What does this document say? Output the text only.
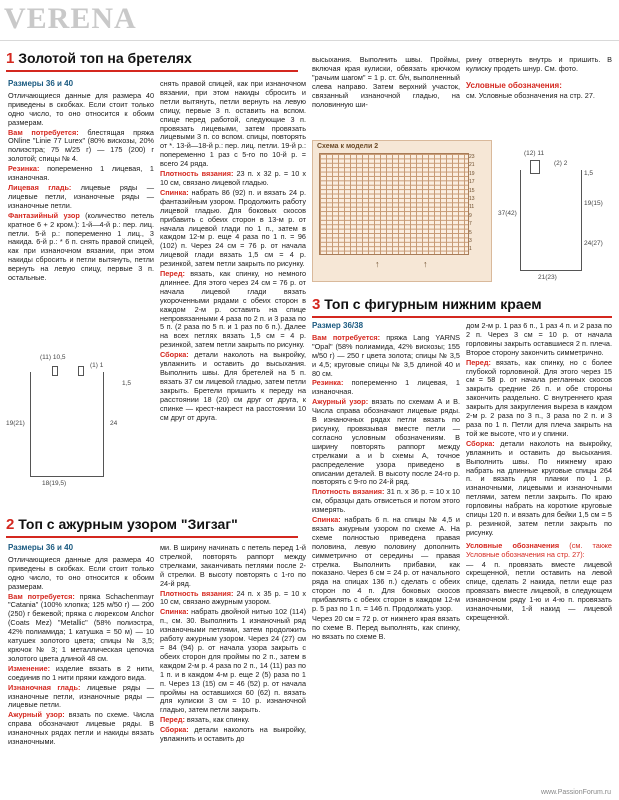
VERENA
1 Золотой топ на бретелях

Размеры 36 и 40

Отличающиеся данные для размера 40 приведены в скобках. Если стоит только одно число, то оно относится к обоим размерам.

Вам потребуется: блестящая пряжа ONline "Linie 77 Lurex" (80% вискозы, 20% полиэстра; 75 м/25 г) — 175 (200) г золотой; спицы № 4.

Резинка: попеременно 1 лицевая, 1 изнаночная.

Лицевая гладь: лицевые ряды — лицевые петли, изнаночные ряды — изнаночные петли.

Фантазийный узор (количество петель кратное 6 + 2 кром.): 1-й—4-й р.: пер. лиц. петли. 5-й р.: попеременно 1 лиц., 3 накида. 6-й р.: * 6 п. снять правой спицей, как при изнаночном вязании, при этом накиды сбросить и петли вытянуть, петли вернуть на левую спицу, первые 3 п. остальные.

(11) 10,5
(1) 1
1,5
24
19(21)
18(19,5)

снять правой спицей, как при изнаночном вязании, при этом накиды сбросить и петли вытянуть, петли вернуть на левую спицу, первые 3 п. оставить на вспом. спице перед работой, следующие 3 п. провязать лицевыми, затем провязать лицевыми 3 п. со вспом. спицы, повторять от *. 13-й—18-й р.: пер. лиц. петли. 19-й р.: попеременно 1 раз с 5-го по 10-й р. = всего 24 ряда.

Плотность вязания: 23 п. х 32 р. = 10 х 10 см, связано лицевой гладью.

Спинка: набрать 86 (92) п. и вязать 24 р. фантазийным узором. Продолжить работу лицевой гладью. Для боковых скосов прибавить с обеих сторон в 13-м р. от начала лицевой глади по 1 п., затем в каждом 12-м р. еще 4 раза по 1 п. = 96 (102) п. Через 24 см = 76 р. от начала лицевой глади вязать 1,5 см = 4 р. резинкой, затем петли закрыть по рисунку.

Перед: вязать, как спинку, но немного длиннее. Для этого через 24 см = 76 р. от начала лицевой глади вязать укороченными рядами с обеих сторон в каждом 2-м р. оставить на спице непровязанными 4 раза по 2 п. и 3 раза по 5 п. (2 раза по 5 п. и 1 раз по 6 п.). Далее на всех петлях вязать 1,5 см = 4 р. резинкой, затем петли закрыть по рисунку.

Сборка: детали наколоть на выкройку, увлажнить и оставить до высыхания. Выполнить швы. Для бретелей на 5 п. вязать 37 см лицевой гладью, затем петли закрыть. Бретели пришить к переду на расстоянии 18 (20) см друг от друга, к спинке — крест-накрест на расстоянии 10 см друг от друга.

высыхания. Выполнить швы. Проймы, включая края кулиски, обвязать крючком "рачьим шагом" = 1 р. ст. б/н, выполненный слева направо. Затем верхний участок, связанный изнаночной гладью, на половинную ши-

Схема к модели 2
23
21
19
17
15
13
11
9
7
5
3
1
↑	↑

рину отвернуть внутрь и пришить. В кулиску продеть шнур. См. фото.

Условные обозначения:

см. Условные обозначения на стр. 27.

(12) 11
(2) 2
1,5
19(15)
37(42)
24(27)
21(23)
3 Топ с фигурным нижним краем

Размер 36/38

Вам потребуется: пряжа Lang YARNS "Opal" (58% полиамида, 42% вискозы; 155 м/50 г) — 250 г цвета золота; спицы № 3,5 и 4,5; круговые спицы № 3,5 длиной 40 и 80 см.

Резинка: попеременно 1 лицевая, 1 изнаночная.

Ажурный узор: вязать по схемам А и В. Числа справа обозначают лицевые ряды. В изнаночных рядах петли вязать по рисунку, провязывая вместе петли — согласно условным обозначениям. В ширину повторять раппорт между стрелками а и b схемы А, точное распределение узора приведено в описании деталей. В высоту после 24-го р. повторять с 9-го по 24-й ряд.

Плотность вязания: 31 п. х 36 р. = 10 х 10 см, образцы дать отвисеться и потом этого измерять.

Спинка: набрать 6 п. на спицы № 4,5 и вязать ажурным узором по схеме А. На схеме полностью приведена правая половина, левую половину дополнить симметрично от середины — правая стрелка. Выполнить прибавки, как показано. Через 6 см = 24 р. от начального ряда на спицах 136 п.) сделать с обеих сторон по 4 п. Для боковых скосов прибавлять с обеих сторон в каждом 12-м р. 5 раз по 1 п. = 146 п. Продолжать узор.

Через 20 см = 72 р. от нижнего края вязать по схеме В. Перед выполнять, как спинку, но вязать по схеме B.

дом 2-м р. 1 раз 6 п., 1 раз 4 п. и 2 раза по 2 п. Через 3 см = 10 р. от начала горловины закрыть оставшиеся 2 п. плеча. Второе сторону закончить симметрично.

Перед: вязать, как спинку, но с более глубокой горловиной. Для этого через 15 см = 58 р. от начала регланных скосов закрыть средние 26 п. и обе стороны закончить раздельно. С внутреннего края закрыть для закругления выреза в каждом 2-м р. 2 раза по 3 п., 3 раза по 2 п. и 3 раза по 1 п. Петли для плеча закрыть на той же высоте, что и у спинки.

Сборка: детали наколоть на выкройку, увлажнить и оставить до высыхания. Выполнить швы. По нижнему краю набрать на длинные круговые спицы 264 п. и вязать для планки по 1 р. изнаночными, лицевыми и изнаночными петлями, затем петли закрыть. По краю горловины набрать на короткие круговые спицы 120 п. и вязать для бейки 1,5 см = 5 р. резинкой, затем петли закрыть по рисунку.

Условные обозначения (см. также Условные обозначения на стр. 27):

— 4 п. провязать вместе лицевой скрещенной, петли оставить на левой спице, сделать 2 накида, петли еще раз провязать вместе лицевой, в следующем изнаночном ряду 1-ю и 4-ю п. провязать изнаночными, 1-й накид — лицевой скрещенной.

2 Топ с ажурным узором "Зигзаг"

Размеры 36 и 40

Отличающиеся данные для размера 40 приведены в скобках. Если стоит только одно число, то оно относится к обоим размерам.

Вам потребуется: пряжа Schachenmayr "Catania" (100% хлопка; 125 м/50 г) — 200 (250) г бежевой; пряжа с люрексом Anchor (Coats Mez) "Metallic" (58% полиэстра, 42% полиамида; 1 катушка = 50 м) — 10 катушек золотого цвета; спицы № 3,5; крючок № 3; 1 металлическая цепочка золотого цвета длиной 48 см.

Изменение: изделие вязать в 2 нити, соединив по 1 нити пряжи каждого вида.

Изнаночная гладь: лицевые ряды — изнаночные петли, изнаночные ряды — лицевые петли.

Ажурный узор: вязать по схеме. Числа справа обозначают лицевые ряды. В изнаночных рядах петли и накиды вязать изнаночными.

ми. В ширину начинать с петель перед 1-й стрелкой, повторять раппорт между стрелками, заканчивать петлями после 2-й стрелки. В высоту повторять с 1-го по 24-й ряд.

Плотность вязания: 24 п. х 35 р. = 10 х 10 см, связано ажурным узором.

Спинка: набрать двойной нитью 102 (114) п., см. 30. Выполнить 1 изнаночный ряд изнаночными петлями, затем продолжить работу ажурным узором. Через 24 (27) см = 84 (94) р. от начала узора закрыть с обеих сторон для проймы по 2 п., затем в каждом 2-м р. 4 раза по 2 п., 14 (11) раз по 1 п. и в каждом 4-м р. еще 2 (5) раза по 1 п. Через 13 (15) см = 46 (52) р. от начала проймы на оставшихся 60 (62) п. вязать для кулиски 3 см = 10 р. изнаночной гладью, затем петли закрыть.

Перед: вязать, как спинку.

Сборка: детали наколоть на выкройку, увлажнить и оставить до

www.PassionForum.ru
